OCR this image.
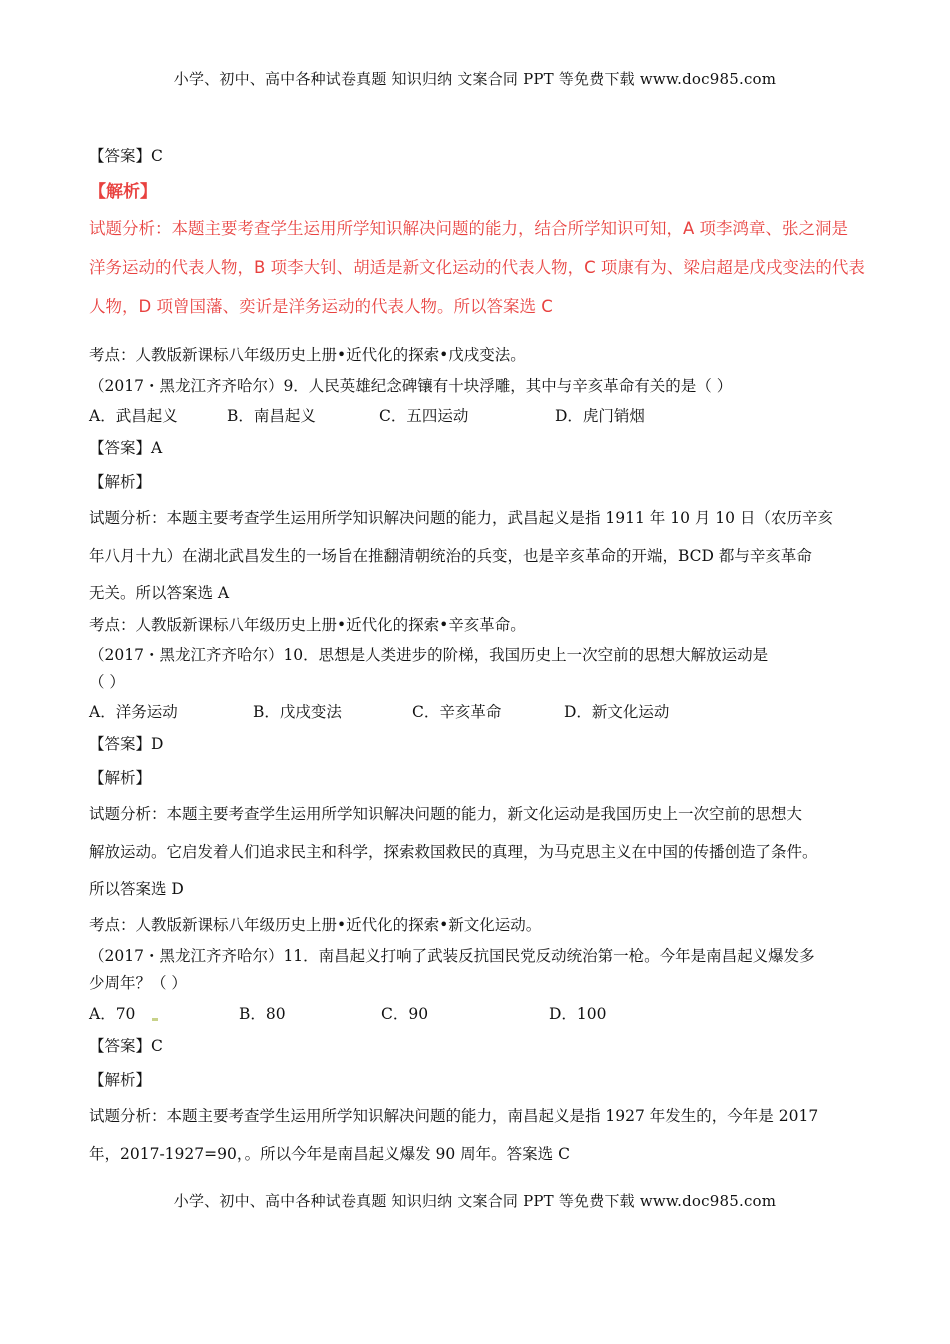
小学、初中、高中各种试卷真题 知识归纳 文案合同 PPT 等免费下载 www.doc985.com
【答案】C
【解析】
试题分析：本题主要考查学生运用所学知识解决问题的能力，结合所学知识可知，A 项李鸿章、张之洞是
洋务运动的代表人物，B 项李大钊、胡适是新文化运动的代表人物，C 项康有为、梁启超是戊戌变法的代表
人物，D 项曾国藩、奕䜣是洋务运动的代表人物。所以答案选 C
考点：人教版新课标八年级历史上册•近代化的探索•戊戌变法。
（2017・黑龙江齐齐哈尔）9．人民英雄纪念碑镶有十块浮雕，其中与辛亥革命有关的是（ ）
A．武昌起义	B．南昌起义	C．五四运动	D．虎门销烟
【答案】A
【解析】
试题分析：本题主要考查学生运用所学知识解决问题的能力，武昌起义是指 1911 年 10 月 10 日（农历辛亥
年八月十九）在湖北武昌发生的一场旨在推翻清朝统治的兵变，也是辛亥革命的开端，BCD 都与辛亥革命
无关。所以答案选 A
考点：人教版新课标八年级历史上册•近代化的探索•辛亥革命。
（2017・黑龙江齐齐哈尔）10．思想是人类进步的阶梯，我国历史上一次空前的思想大解放运动是
（ ）
A．洋务运动	B．戊戌变法	C．辛亥革命	D．新文化运动
【答案】D
【解析】
试题分析：本题主要考查学生运用所学知识解决问题的能力，新文化运动是我国历史上一次空前的思想大
解放运动。它启发着人们追求民主和科学，探索救国救民的真理，为马克思主义在中国的传播创造了条件。
所以答案选 D
考点：人教版新课标八年级历史上册•近代化的探索•新文化运动。
（2017・黑龙江齐齐哈尔）11．南昌起义打响了武装反抗国民党反动统治第一枪。今年是南昌起义爆发多
少周年？（ ）
A．70	B．80	C．90	D．100
【答案】C
【解析】
试题分析：本题主要考查学生运用所学知识解决问题的能力，南昌起义是指 1927 年发生的，今年是 2017
年，2017-1927=90，。所以今年是南昌起义爆发 90 周年。答案选 C
小学、初中、高中各种试卷真题 知识归纳 文案合同 PPT 等免费下载 www.doc985.com
